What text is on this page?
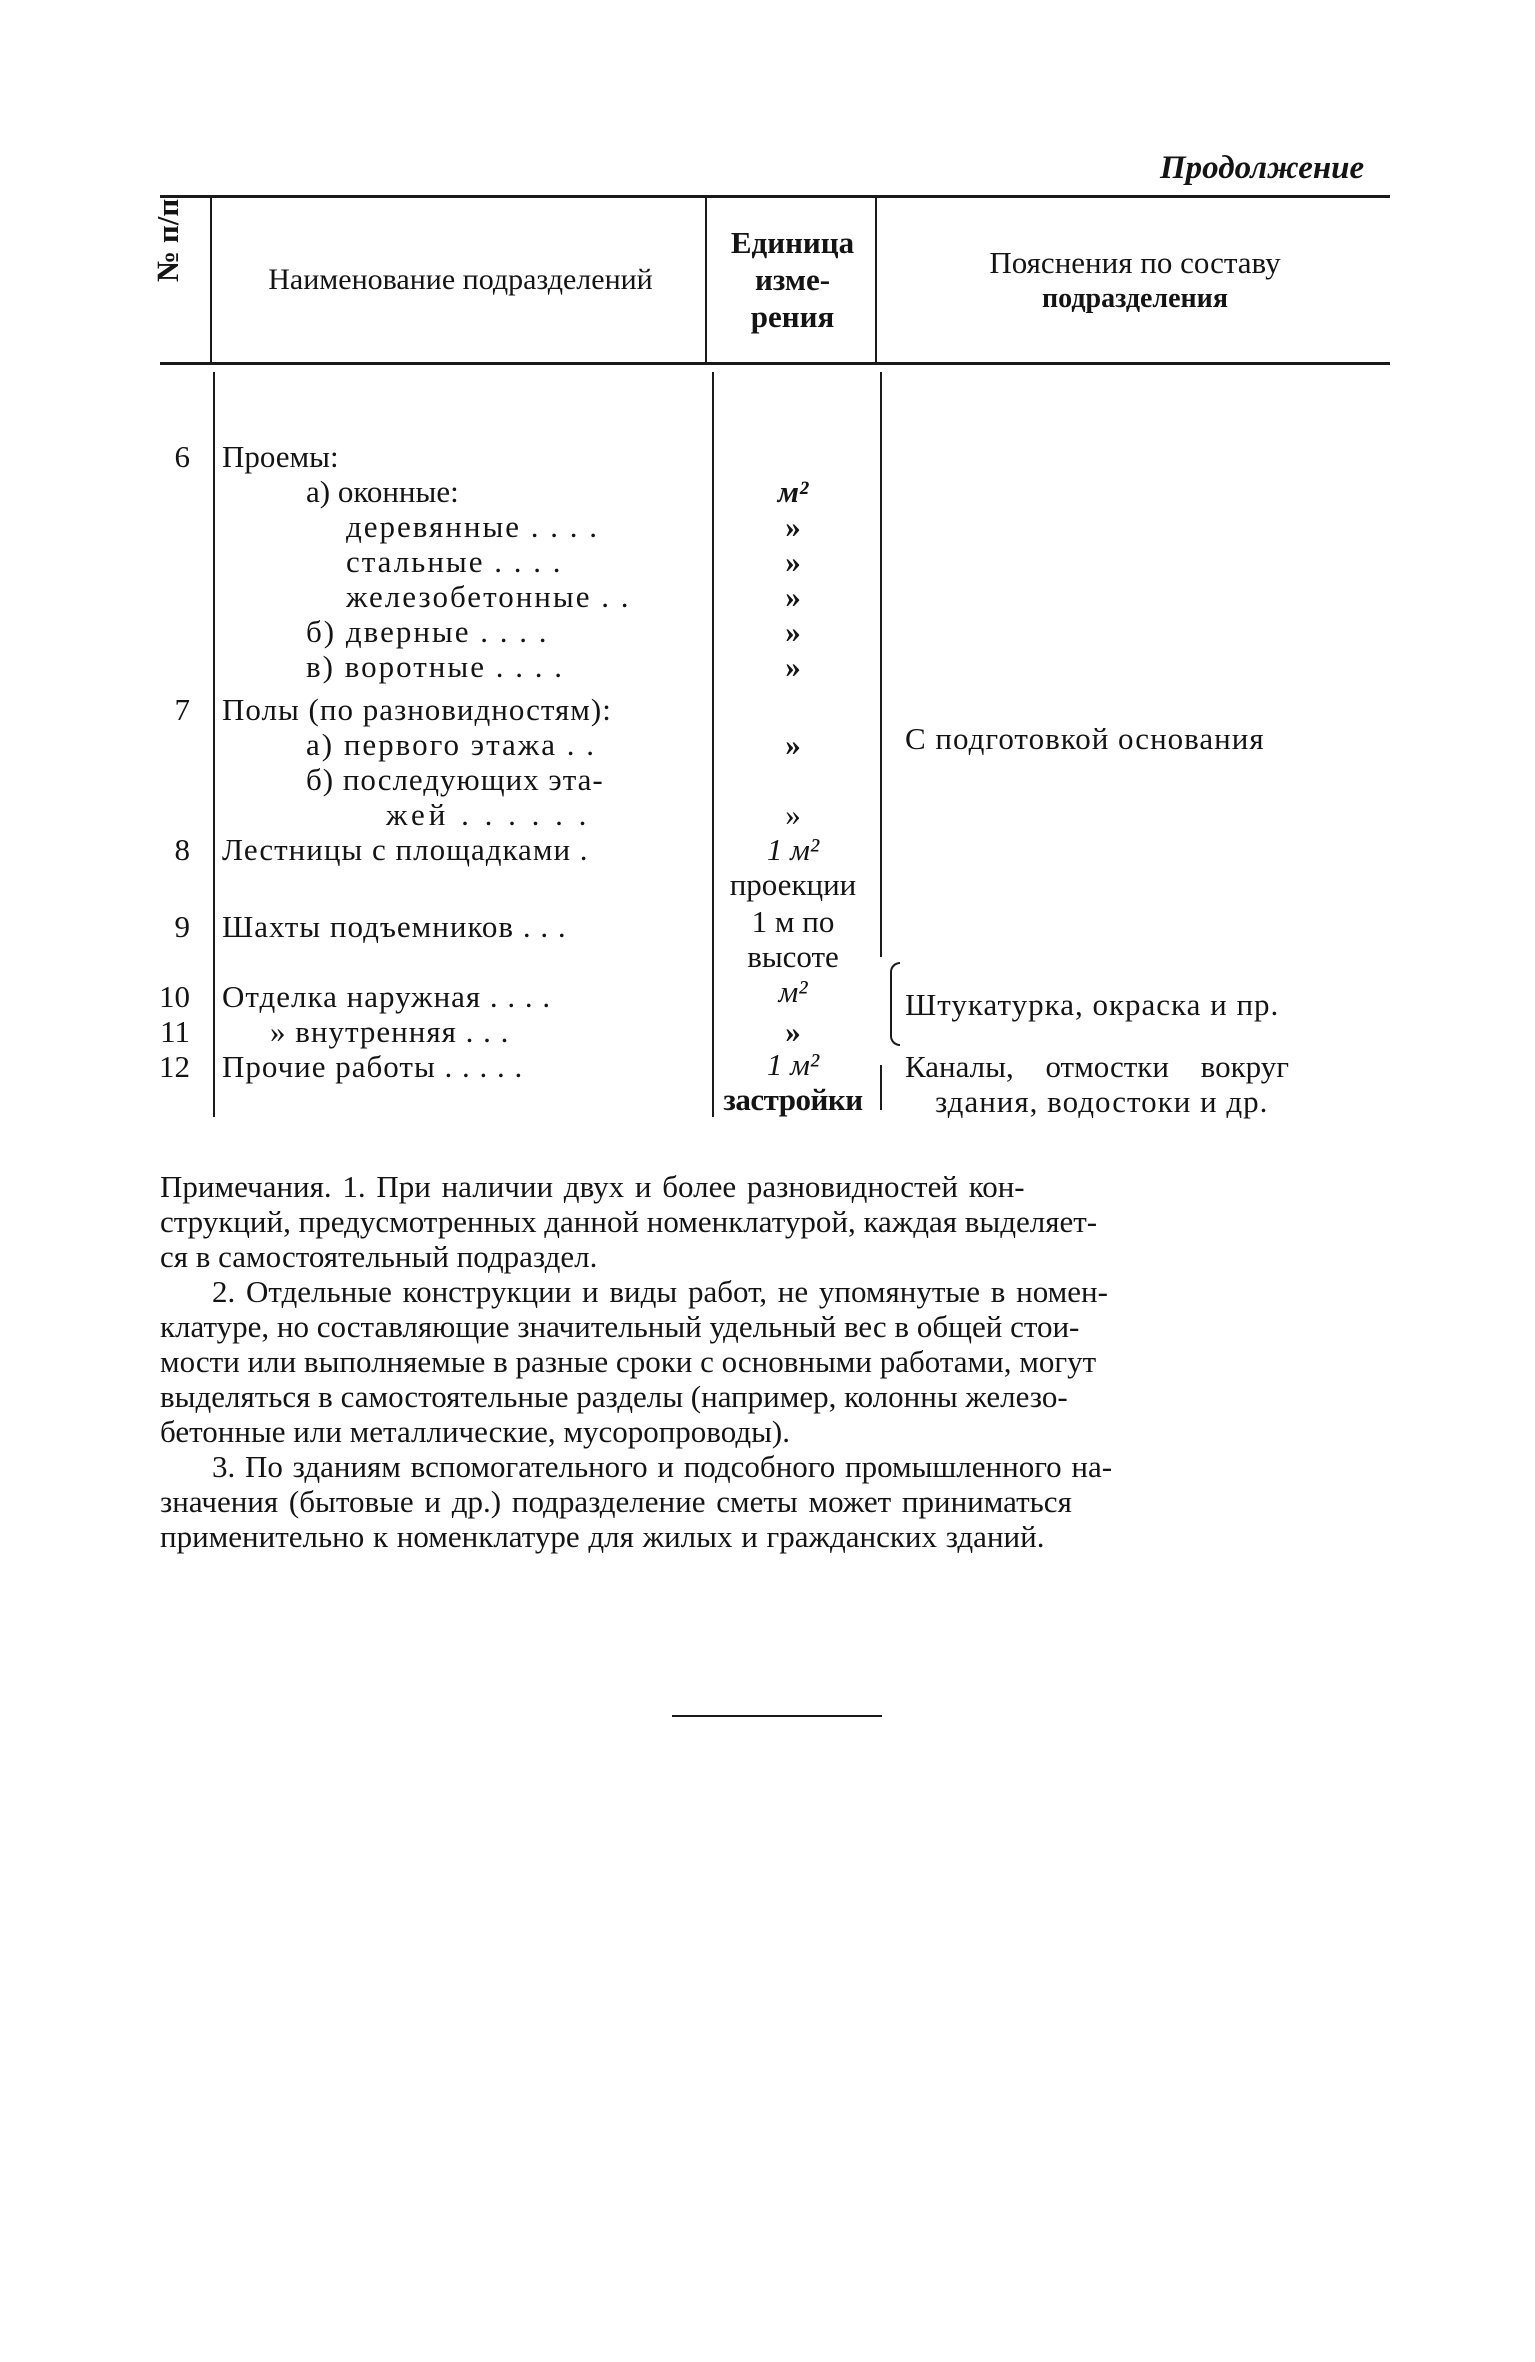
Продолжение
№ п/п	Наименование подразделений
Единица
изме-
рения
Пояснения по составу
подразделения
6
7
8
9
10
11
12
Проемы:
а) оконные:
деревянные . . . .
стальные . . . .
железобетонные . .
б) дверные . . . .
в) воротные . . . .
Полы (по разновидностям):
а) первого этажа . .
б) последующих эта-
жей . . . . . .
Лестницы с площадками .
Шахты подъемников . . .
Отделка наружная . . . .
» внутренняя . . .
Прочие работы . . . . .
м²
»
»
»
»
»
»
»
1 м²
проекции
1 м по
высоте
м²
»
1 м²
застройки
С подготовкой основания
Штукатурка, окраска и пр.
Каналы, отмостки вокруг
здания, водостоки и др.
Примечания. 1. При наличии двух и более разновидностей кон-
струкций, предусмотренных данной номенклатурой, каждая выделяет-
ся в самостоятельный подраздел.
2. Отдельные конструкции и виды работ, не упомянутые в номен-
клатуре, но составляющие значительный удельный вес в общей стои-
мости или выполняемые в разные сроки с основными работами, могут
выделяться в самостоятельные разделы (например, колонны железо-
бетонные или металлические, мусоропроводы).
3. По зданиям вспомогательного и подсобного промышленного на-
значения (бытовые и др.) подразделение сметы может приниматься
применительно к номенклатуре для жилых и гражданских зданий.
